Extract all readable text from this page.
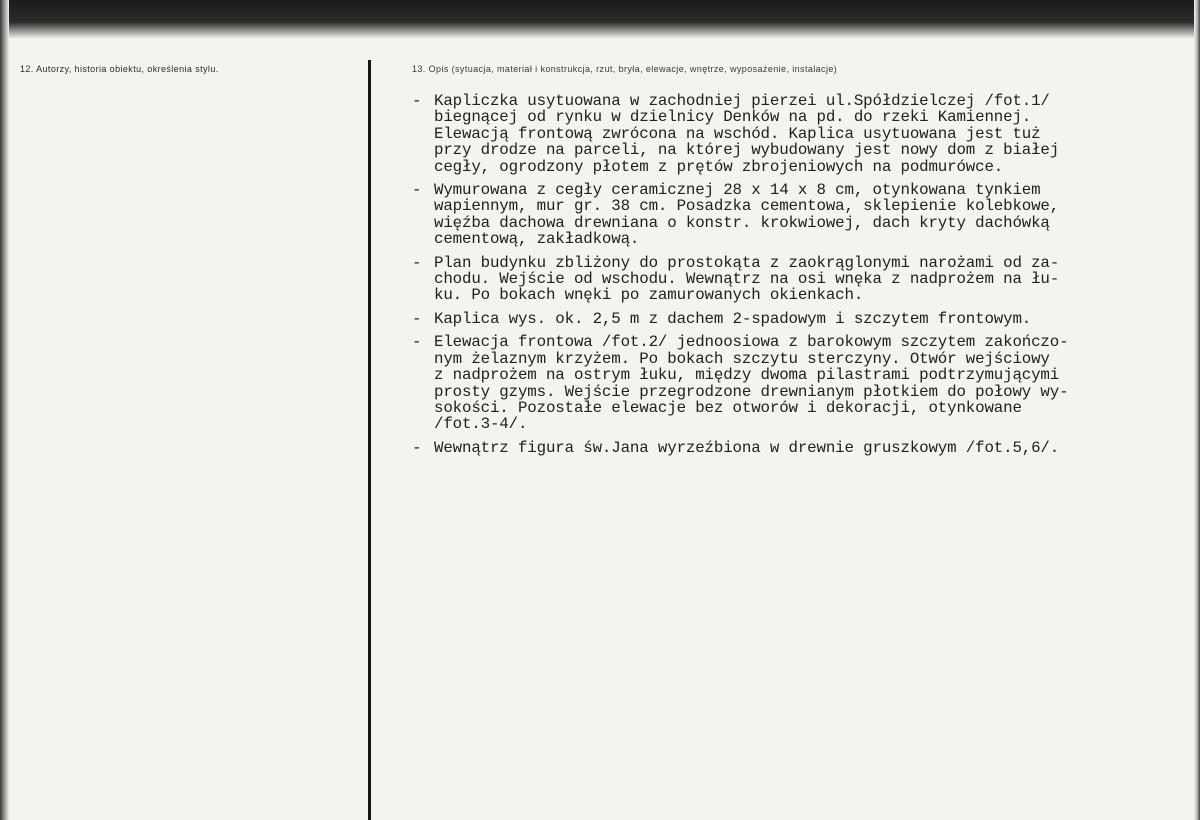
12. Autorzy, historia obiektu, określenia stylu.	13. Opis (sytuacja, materiał i konstrukcja, rzut, bryła, elewacje, wnętrze, wyposażenie, instalacje)
- Kapliczka usytuowana w zachodniej pierzei ul.Spółdzielczej /fot.1/
biegnącej od rynku w dzielnicy Denków na pd. do rzeki Kamiennej.
Elewacją frontową zwrócona na wschód. Kaplica usytuowana jest tuż
przy drodze na parceli, na której wybudowany jest nowy dom z białej
cegły, ogrodzony płotem z prętów zbrojeniowych na podmurówce.
- Wymurowana z cegły ceramicznej 28 x 14 x 8 cm, otynkowana tynkiem
wapiennym, mur gr. 38 cm. Posadzka cementowa, sklepienie kolebkowe,
więźba dachowa drewniana o konstr. krokwiowej, dach kryty dachówką
cementową, zakładkową.
- Plan budynku zbliżony do prostokąta z zaokrąglonymi narożami od za-
chodu. Wejście od wschodu. Wewnątrz na osi wnęka z nadprożem na łu-
ku. Po bokach wnęki po zamurowanych okienkach.
- Kaplica wys. ok. 2,5 m z dachem 2-spadowym i szczytem frontowym.
- Elewacja frontowa /fot.2/ jednoosiowa z barokowym szczytem zakończo-
nym żelaznym krzyżem. Po bokach szczytu sterczyny. Otwór wejściowy
z nadprożem na ostrym łuku, między dwoma pilastrami podtrzymującymi
prosty gzyms. Wejście przegrodzone drewnianym płotkiem do połowy wy-
sokości. Pozostałe elewacje bez otworów i dekoracji, otynkowane
/fot.3-4/.
- Wewnątrz figura św.Jana wyrzeźbiona w drewnie gruszkowym /fot.5,6/.
